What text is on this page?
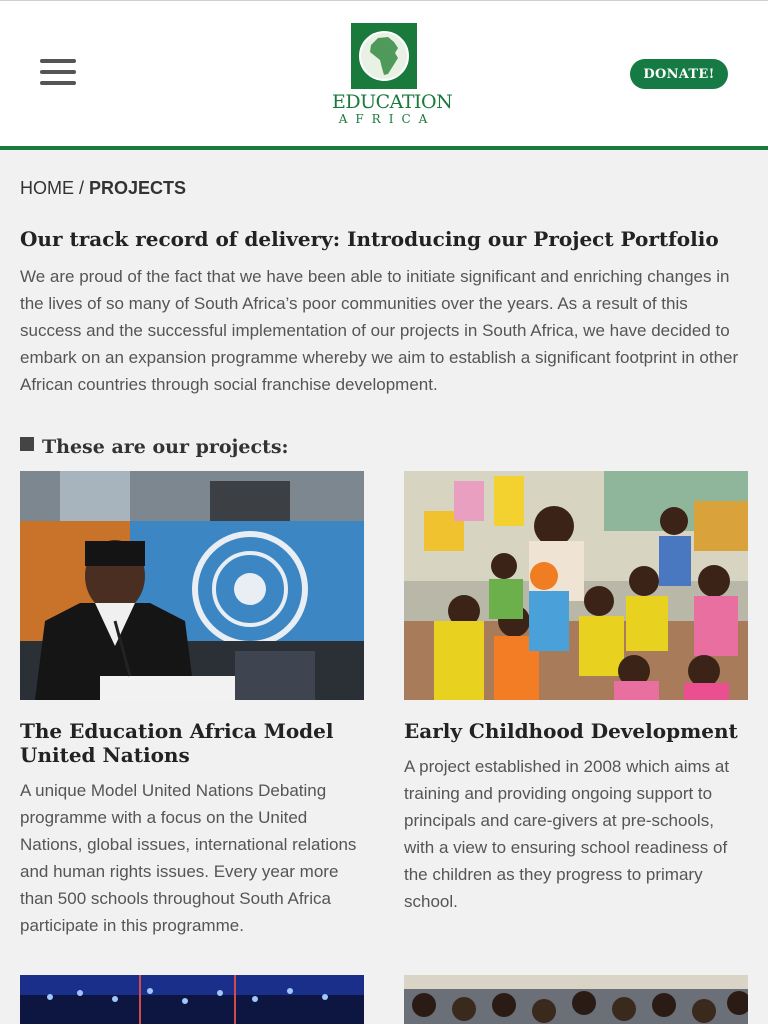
EDUCATION
AFRICA
DONATE!
HOME / PROJECTS
Our track record of delivery: Introducing our Project Portfolio

We are proud of the fact that we have been able to initiate significant and enriching changes in the lives of so many of South Africa’s poor communities over the years. As a result of this success and the successful implementation of our projects in South Africa, we have decided to embark on an expansion programme whereby we aim to establish a significant footprint in other African countries through social franchise development.

These are our projects:
The Education Africa Model United Nations
A unique Model United Nations Debating programme with a focus on the United Nations, global issues, international relations and human rights issues. Every year more than 500 schools throughout South Africa participate in this programme.
Early Childhood Development
A project established in 2008 which aims at training and providing ongoing support to principals and care-givers at pre-schools, with a view to ensuring school readiness of the children as they progress to primary school.
